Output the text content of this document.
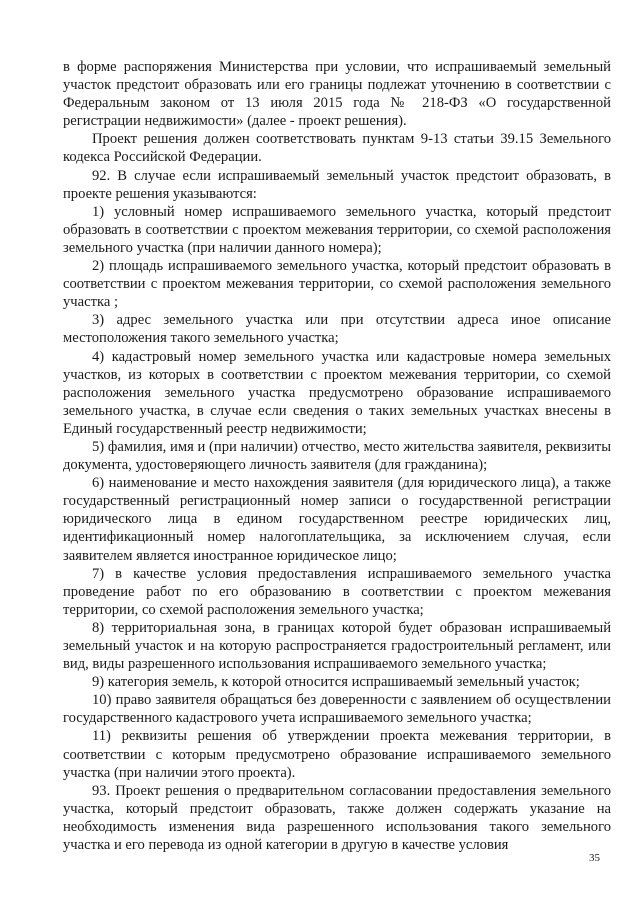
в форме распоряжения Министерства при условии, что испрашиваемый земельный участок предстоит образовать или его границы подлежат уточнению в соответствии с Федеральным законом от 13 июля 2015 года № 218-ФЗ «О государственной регистрации недвижимости» (далее - проект решения).

Проект решения должен соответствовать пунктам 9-13 статьи 39.15 Земельного кодекса Российской Федерации.

92. В случае если испрашиваемый земельный участок предстоит образовать, в проекте решения указываются:

1) условный номер испрашиваемого земельного участка, который предстоит образовать в соответствии с проектом межевания территории, со схемой расположения земельного участка (при наличии данного номера);

2) площадь испрашиваемого земельного участка, который предстоит образовать в соответствии с проектом межевания территории, со схемой расположения земельного участка ;

3) адрес земельного участка или при отсутствии адреса иное описание местоположения такого земельного участка;

4) кадастровый номер земельного участка или кадастровые номера земельных участков, из которых в соответствии с проектом межевания территории, со схемой расположения земельного участка предусмотрено образование испрашиваемого земельного участка, в случае если сведения о таких земельных участках внесены в Единый государственный реестр недвижимости;

5) фамилия, имя и (при наличии) отчество, место жительства заявителя, реквизиты документа, удостоверяющего личность заявителя (для гражданина);

6) наименование и место нахождения заявителя (для юридического лица), а также государственный регистрационный номер записи о государственной регистрации юридического лица в едином государственном реестре юридических лиц, идентификационный номер налогоплательщика, за исключением случая, если заявителем является иностранное юридическое лицо;

7) в качестве условия предоставления испрашиваемого земельного участка проведение работ по его образованию в соответствии с проектом межевания территории, со схемой расположения земельного участка;

8) территориальная зона, в границах которой будет образован испрашиваемый земельный участок и на которую распространяется градостроительный регламент, или вид, виды разрешенного использования испрашиваемого земельного участка;

9) категория земель, к которой относится испрашиваемый земельный участок;

10) право заявителя обращаться без доверенности с заявлением об осуществлении государственного кадастрового учета испрашиваемого земельного участка;

11) реквизиты решения об утверждении проекта межевания территории, в соответствии с которым предусмотрено образование испрашиваемого земельного участка (при наличии этого проекта).

93. Проект решения о предварительном согласовании предоставления земельного участка, который предстоит образовать, также должен содержать указание на необходимость изменения вида разрешенного использования такого земельного участка и его перевода из одной категории в другую в качестве условия

35
